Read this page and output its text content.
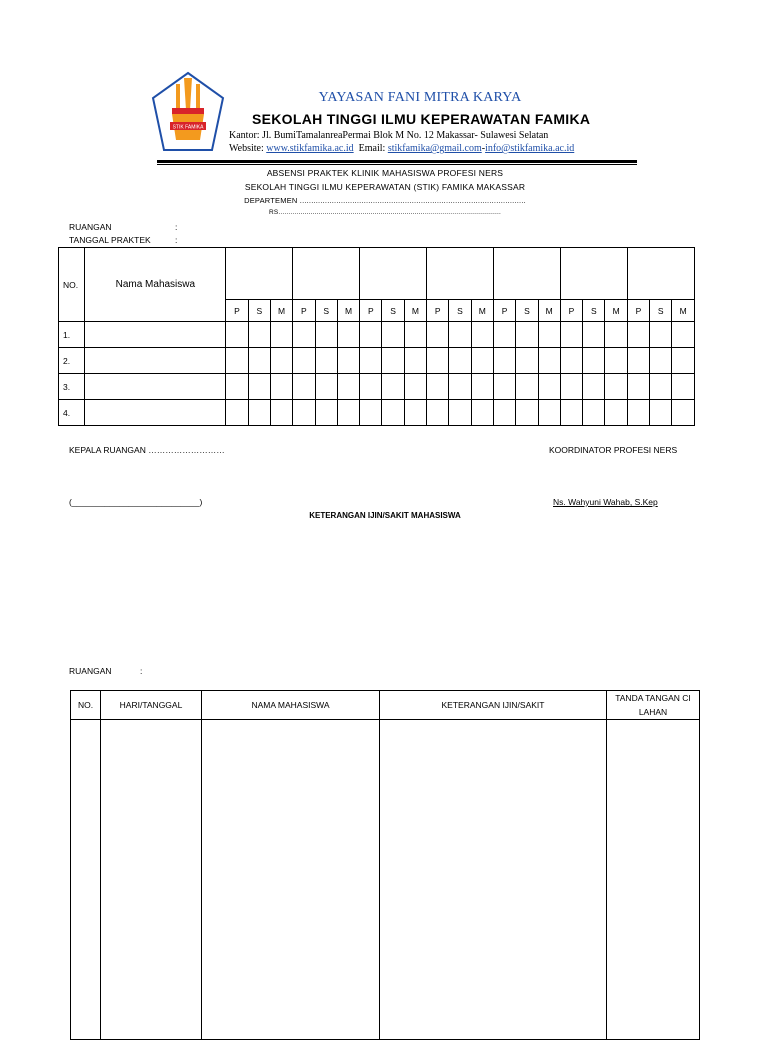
STIK FAMIKA
YAYASAN FANI MITRA KARYA
SEKOLAH TINGGI ILMU KEPERAWATAN FAMIKA
Kantor: Jl. BumiTamalanreaPermai Blok M No. 12 Makassar- Sulawesi Selatan
Website: www.stikfamika.ac.id Email: stikfamika@gmail.com-info@stikfamika.ac.id
ABSENSI PRAKTEK KLINIK MAHASISWA PROFESI NERS
SEKOLAH TINGGI ILMU KEPERAWATAN (STIK) FAMIKA MAKASSAR
DEPARTEMEN ...................................................................................................
RS...............................................................................................................
RUANGAN	:
TANGGAL PRAKTEK	:
NO.	Nama Mahasiswa																					
		P	S	M	P	S	M	P	S	M	P	S	M	P	S	M	P	S	M	P	S	M
1.																						
2.																						
3.																						
4.																						
KEPALA RUANGAN ………………………	KOORDINATOR PROFESI NERS
(___________________________)	Ns. Wahyuni Wahab, S.Kep
KETERANGAN IJIN/SAKIT MAHASISWA
RUANGAN	:
NO.	HARI/TANGGAL	NAMA MAHASISWA	KETERANGAN IJIN/SAKIT	TANDA TANGAN CI LAHAN
